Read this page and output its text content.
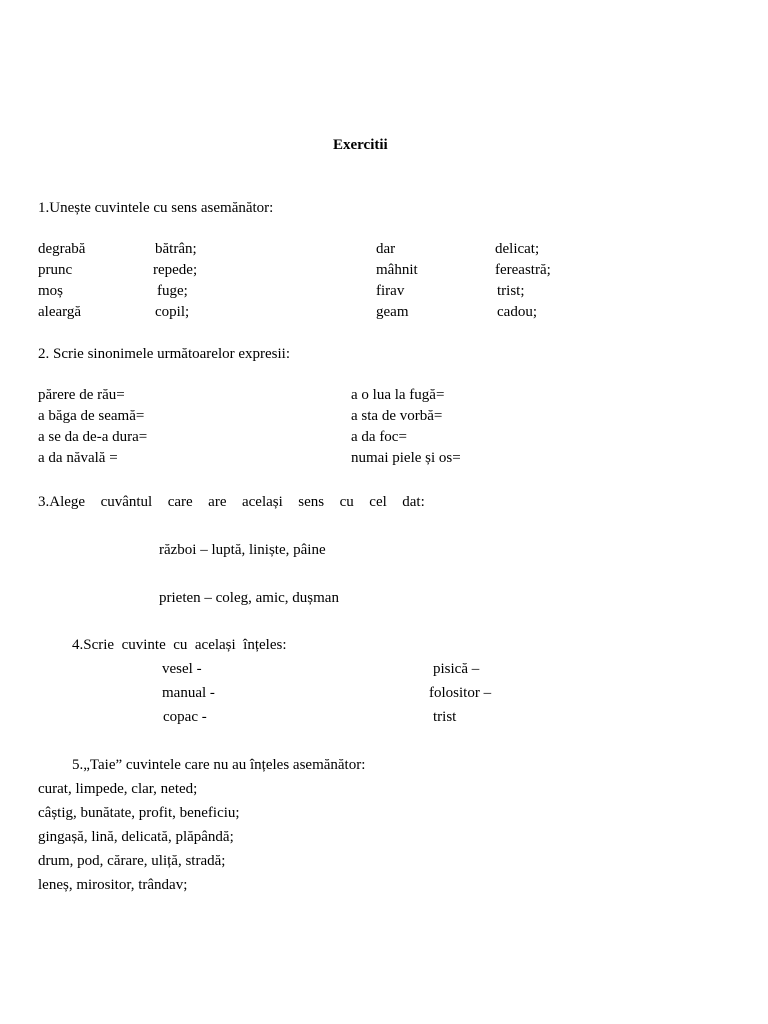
Exercitii
1.Unește cuvintele cu sens asemănător:
degrabă
prunc
moș
aleargă
bătrân;
repede;
fuge;
copil;
dar
mâhnit
firav
geam
delicat;
fereastră;
trist;
cadou;
2. Scrie sinonimele următoarelor expresii:
părere de rău=
a băga de seamă=
a se da de-a dura=
a da năvală =
a o lua la fugă=
a sta de vorbă=
a da foc=
numai piele și os=
3.Alege  cuvântul  care  are  același  sens  cu  cel  dat:
război – luptă, liniște, pâine
prieten – coleg, amic, dușman
4.Scrie  cuvinte  cu  același  înțeles:
vesel -
manual -
copac -
pisică –
folositor –
trist
5.„Taie” cuvintele care nu au înțeles asemănător:
curat, limpede, clar, neted;
câștig, bunătate, profit, beneficiu;
gingașă, lină, delicată, plăpândă;
drum, pod, cărare, uliță, stradă;
leneș, mirositor, trândav;
